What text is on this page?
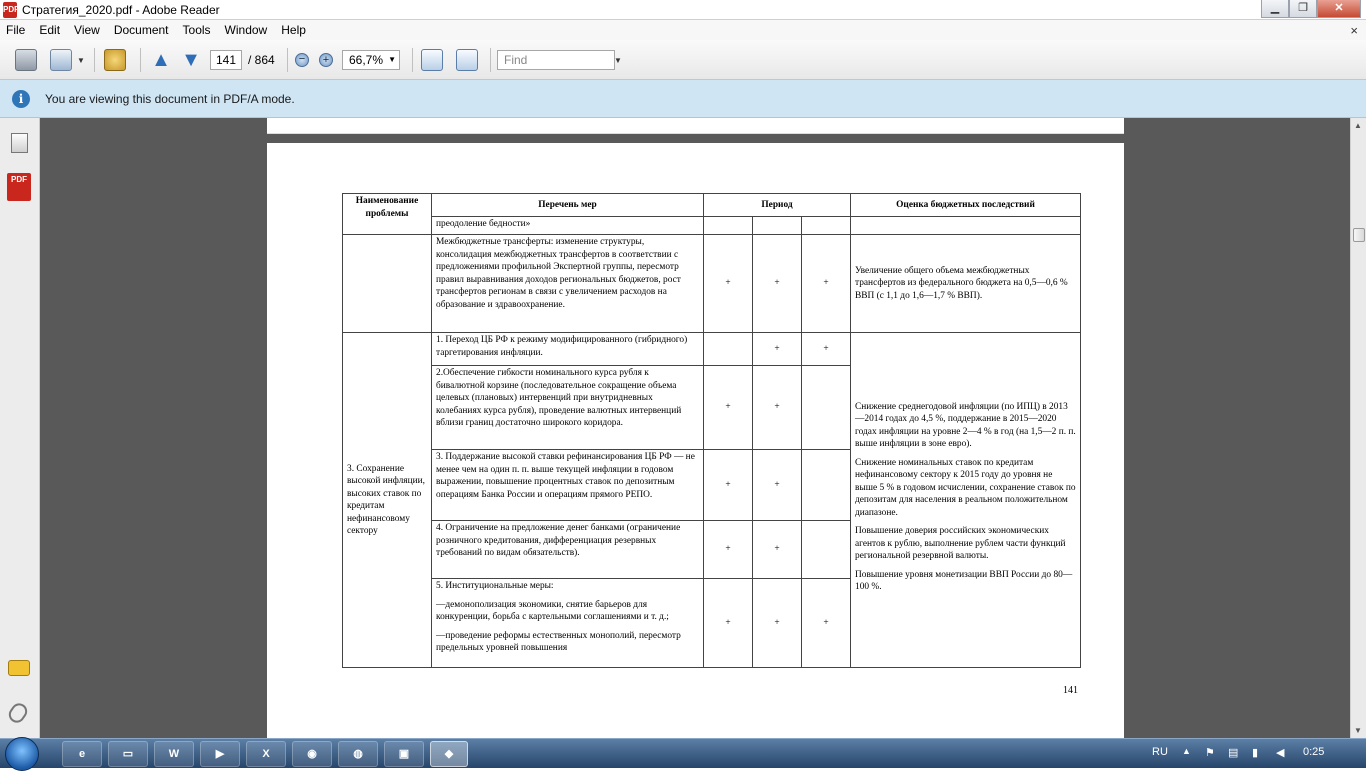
PDF Стратегия_2020.pdf - Adobe Reader	▁	❐	✕
File Edit View Document Tools Window Help	×
▼	▲ ▼	141 / 864	−	+	66,7% ▼	Find	▼
i	You are viewing this document in PDF/A mode.
PDF
Наименование проблемы	Перечень мер	Период			Оценка бюджетных последствий
	преодоление бедности»				
	Межбюджетные трансферты: изменение структуры, консолидация межбюджетных трансфертов в соответствии с предложениями профильной Экспертной группы, пересмотр правил выравнивания доходов региональных бюджетов, рост трансфертов регионам в связи с увеличением расходов на образование и здравоохранение.	+	+	+	Увеличение общего объема межбюджетных трансфертов из федерального бюджета на 0,5—0,6 % ВВП (с 1,1 до 1,6—1,7 % ВВП).
3. Сохранение высокой инфляции, высоких ставок по кредитам нефинансовому сектору	1. Переход ЦБ РФ к режиму модифицированного (гибридного) таргетирования инфляции.		+	+	Снижение среднегодовой инфляции (по ИПЦ) в 2013—2014 годах до 4,5 %, поддержание в 2015—2020 годах инфляции на уровне 2—4 % в год (на 1,5—2 п. п. выше инфляции в зоне евро).

Снижение номинальных ставок по кредитам нефинансовому сектору к 2015 году до уровня не выше 5 % в годовом исчислении, сохранение ставок по депозитам для населения в реальном положительном диапазоне.

Повышение доверия российских экономических агентов к рублю, выполнение рублем части функций региональной резервной валюты.

Повышение уровня монетизации ВВП России до 80—100 %.

	2.Обеспечение гибкости номинального курса рубля к бивалютной корзине (последовательное сокращение объема целевых (плановых) интервенций при внутридневных колебаниях курса рубля), проведение валютных интервенций вблизи границ достаточно широкого коридора.	+	+		
	3. Поддержание высокой ставки рефинансирования ЦБ РФ — не менее чем на один п. п. выше текущей инфляции в годовом выражении, повышение процентных ставок по депозитным операциям Банка России и операциям прямого РЕПО.	+	+		
	4. Ограничение на предложение денег банками (ограничение розничного кредитования, дифференциация резервных требований по видам обязательств).	+	+		

	5. Институциональные меры:

—демонополизация экономики, снятие барьеров для конкуренции, борьба с картельными соглашениями и т. д.;

—проведение реформы естественных монополий, пересмотр предельных уровней повышения	+	+	+	
141
▲
▼
e	▭	W	▶	X	◉	◍	▣	◆	RU ▲ ⚑ ▤ ▮ ◀ 0:25
